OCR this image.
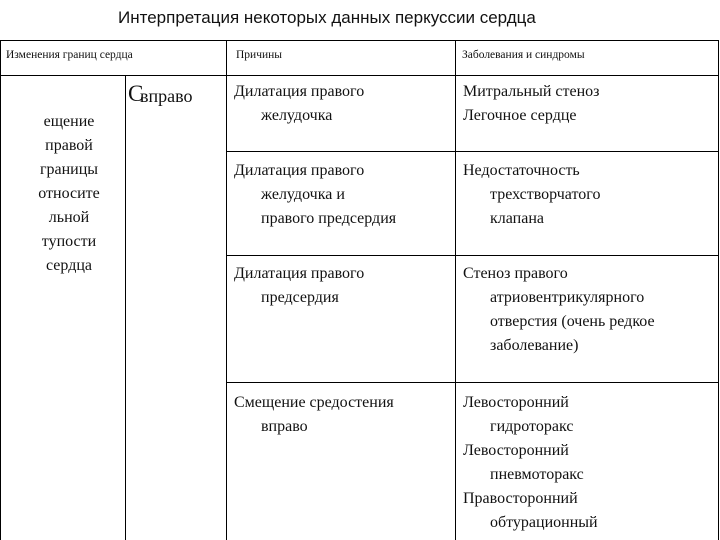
Интерпретация некоторых данных перкуссии сердца
Изменения границ сердца	Причины	Заболевания и синдромы
С
вправо
ещение
правой
границы
относите
льной
тупости
сердца

Дилатация правого
желудочка

Митральный стеноз

Легочное сердце

Дилатация правого
желудочка и
правого предсердия

Недостаточность
трехстворчатого
клапана

Дилатация правого
предсердия

Стеноз правого
атриовентрикулярного
отверстия (очень редкое
заболевание)

Смещение средостения
вправо

Левосторонний
гидроторакс

Левосторонний
пневмоторакс

Правосторонний
обтурационный
